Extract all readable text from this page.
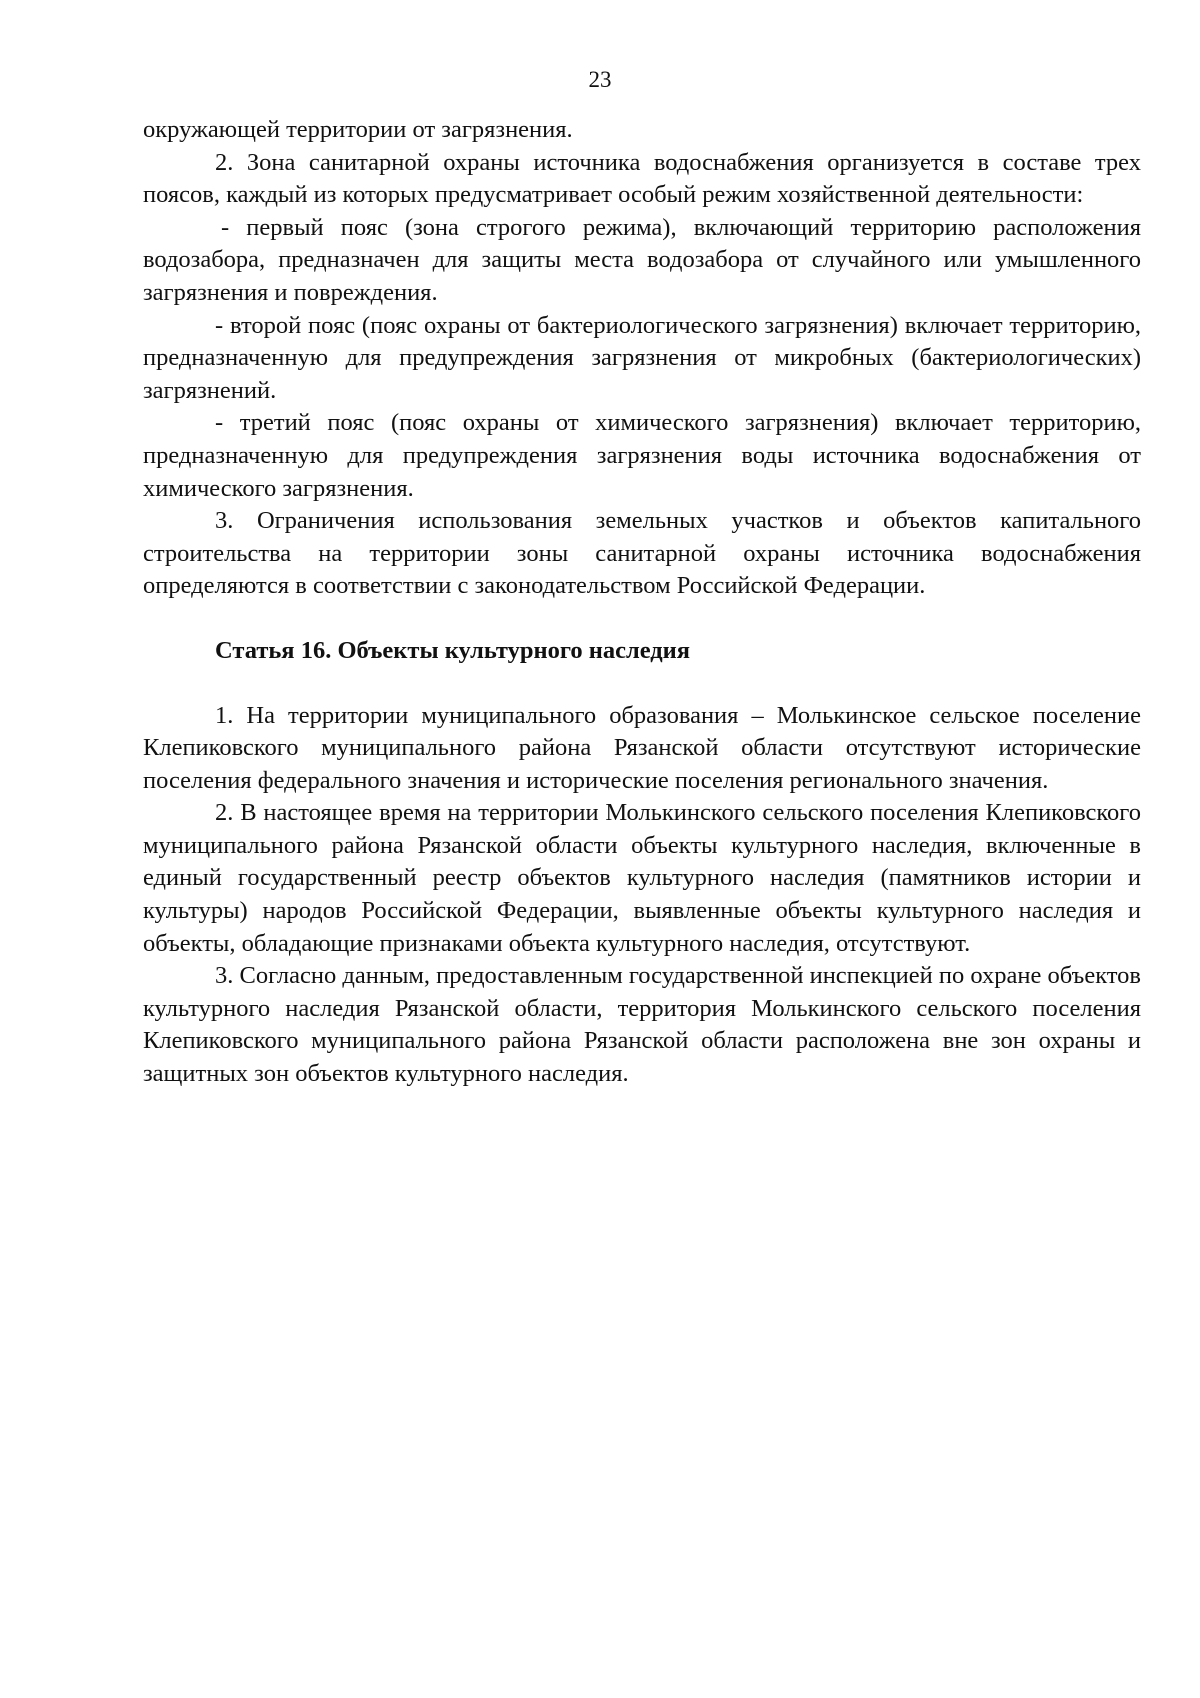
23

окружающей территории от загрязнения.

2. Зона санитарной охраны источника водоснабжения организуется в составе трех поясов, каждый из которых предусматривает особый режим хозяйственной деятельности:

- первый пояс (зона строгого режима), включающий территорию расположения водозабора, предназначен для защиты места водозабора от случайного или умышленного загрязнения и повреждения.

- второй пояс (пояс охраны от бактериологического загрязнения) включает территорию, предназначенную для предупреждения загрязнения от микробных (бактериологических) загрязнений.

- третий пояс (пояс охраны от химического загрязнения) включает территорию, предназначенную для предупреждения загрязнения воды источника водоснабжения от химического загрязнения.

3. Ограничения использования земельных участков и объектов капитального строительства на территории зоны санитарной охраны источника водоснабжения определяются в соответствии с законодательством Российской Федерации.

Статья 16. Объекты культурного наследия

1. На территории муниципального образования – Молькинское сельское поселение Клепиковского муниципального района Рязанской области отсутствуют исторические поселения федерального значения и исторические поселения регионального значения.

2. В настоящее время на территории Молькинского сельского поселения Клепиковского муниципального района Рязанской области объекты культурного наследия, включенные в единый государственный реестр объектов культурного наследия (памятников истории и культуры) народов Российской Федерации, выявленные объекты культурного наследия и объекты, обладающие признаками объекта культурного наследия, отсутствуют.

3. Согласно данным, предоставленным государственной инспекцией по охране объектов культурного наследия Рязанской области, территория Молькинского сельского поселения Клепиковского муниципального района Рязанской области расположена вне зон охраны и защитных зон объектов культурного наследия.
